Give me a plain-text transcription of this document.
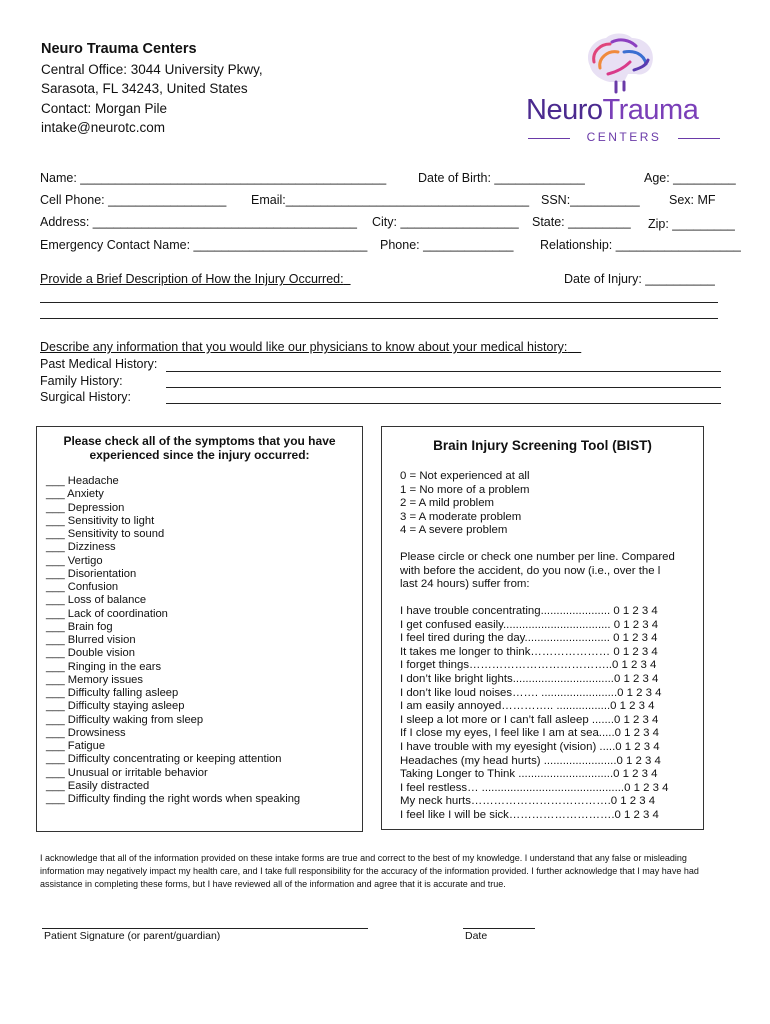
Neuro Trauma Centers
Central Office: 3044 University Pkwy,
Sarasota, FL 34243, United States
Contact: Morgan Pile
intake@neurotc.com
NeuroTrauma
CENTERS
Name: ____________________________________________	Date of Birth: _____________	Age: _________
Cell Phone: _________________ Email:___________________________________ SSN:__________ Sex: MF
Address: ______________________________________ City: _________________ State: _________ Zip: _________
Emergency Contact Name: _________________________ Phone: _____________ Relationship: __________________
Provide a Brief Description of How the Injury Occurred:	Date of Injury: __________
Describe any information that you would like our physicians to know about your medical history:
Past Medical History:
Family History:
Surgical History:
Please check all of the symptoms that you have
experienced since the injury occurred:
___ Headache
___ Anxiety
___ Depression
___ Sensitivity to light
___ Sensitivity to sound
___ Dizziness
___ Vertigo
___ Disorientation
___ Confusion
___ Loss of balance
___ Lack of coordination
___ Brain fog
___ Blurred vision
___ Double vision
___ Ringing in the ears
___ Memory issues
___ Difficulty falling asleep
___ Difficulty staying asleep
___ Difficulty waking from sleep
___ Drowsiness
___ Fatigue
___ Difficulty concentrating or keeping attention
___ Unusual or irritable behavior
___ Easily distracted
___ Difficulty finding the right words when speaking
Brain Injury Screening Tool (BIST)
0 = Not experienced at all
1 = No more of a problem
2 = A mild problem
3 = A moderate problem
4 = A severe problem
Please circle or check one number per line. Compared
with before the accident, do you now (i.e., over the l
last 24 hours) suffer from:
I have trouble concentrating...................... 0 1 2 3 4
I get confused easily.................................. 0 1 2 3 4
I feel tired during the day........................... 0 1 2 3 4
It takes me longer to think………………… 0 1 2 3 4
I forget things………………………………..0 1 2 3 4
I don’t like bright lights................................0 1 2 3 4
I don’t like loud noises……. ........................0 1 2 3 4
I am easily annoyed………….. .................0 1 2 3 4
I sleep a lot more or I can’t fall asleep .......0 1 2 3 4
If I close my eyes, I feel like I am at sea.....0 1 2 3 4
I have trouble with my eyesight (vision) .....0 1 2 3 4
Headaches (my head hurts) .......................0 1 2 3 4
Taking Longer to Think ..............................0 1 2 3 4
I feel restless… .............................................0 1 2 3 4
My neck hurts……………………………….0 1 2 3 4
I feel like I will be sick……………………….0 1 2 3 4
I acknowledge that all of the information provided on these intake forms are true and correct to the best of my knowledge. I understand that any false or misleading information may negatively impact my health care, and I take full responsibility for the accuracy of the information provided. I further acknowledge that I may have had assistance in completing these forms, but I have reviewed all of the information and agree that it is accurate and true.
Patient Signature (or parent/guardian)	Date
